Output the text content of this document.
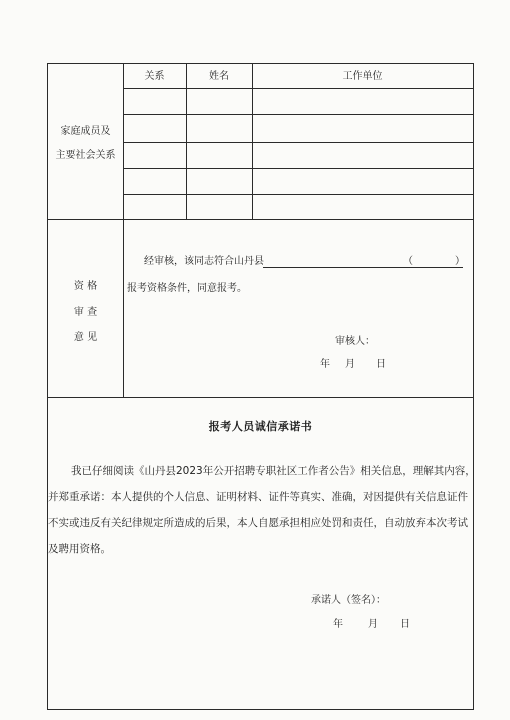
关系	姓名	工作单位
家庭成员及
主要社会关系
资 格
审 查
意 见
经审核，该同志符合山丹县	（	）
报考资格条件，同意报考。
审核人：
年 月 日
报考人员诚信承诺书
我已仔细阅读《山丹县2023年公开招聘专职社区工作者公告》相关信息，理解其内容，
并郑重承诺：本人提供的个人信息、证明材料、证件等真实、准确，对因提供有关信息证件
不实或违反有关纪律规定所造成的后果，本人自愿承担相应处罚和责任，自动放弃本次考试
及聘用资格。
承诺人（签名）：
年	月 日
